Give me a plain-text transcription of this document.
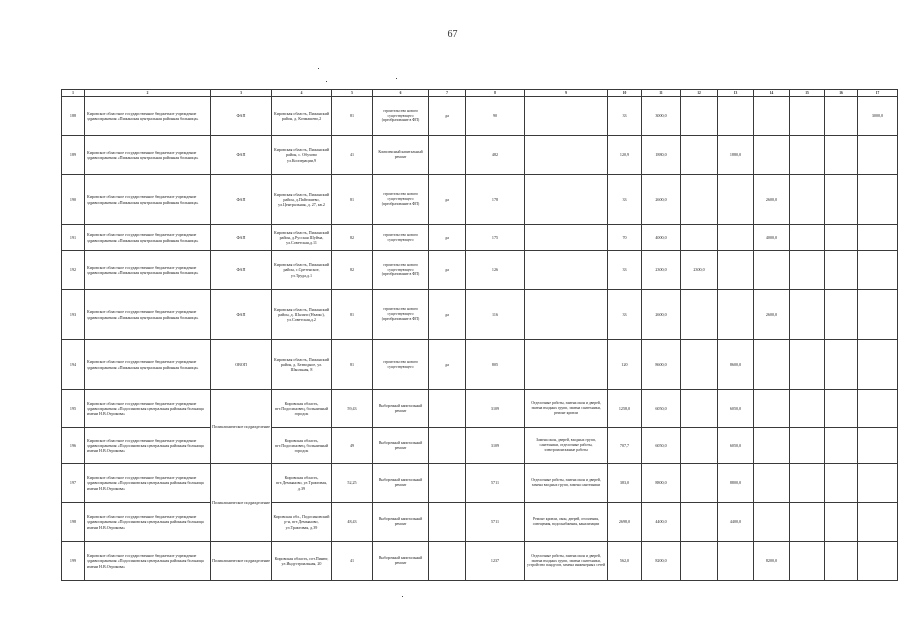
67
1	2	3	4	5	6	7	8	9	10	11	12	13	14	15	16	17
188	Кировское областное государственное бюджетное учреждение здравоохранения «Пижанская центральная районная больница»	ФАП	Кировская область, Пижанский район, д. Кочмашево,2	81	строительство нового существующего (преобразование в ФП)	да	90		33	3000,0						3000,0
189	Кировское областное государственное бюджетное учреждение здравоохранения «Пижанская центральная районная больница»	ФАП	Кировская область, Пижанский район, с. Обухово ул.Кооперации,9	41	Комплексный капитальный ремонт		482		120,9	1880,0		1880,0				
190	Кировское областное государственное бюджетное учреждение здравоохранения «Пижанская центральная районная больница»	ФАП	Кировская область, Пижанский район, д.Пайгишево, ул.Центральная, д. 27, кв.2	81	строительство нового существующего (преобразование в ФП)	да	178		33	2600,0			2600,0			
191	Кировское областное государственное бюджетное учреждение здравоохранения «Пижанская центральная районная больница»	ФАП	Кировская область, Пижанский район, д.Русская Шуйма, ул.Советская,д.11	82	строительство нового существующего	да	175		70	4000,0			4000,0			
192	Кировское областное государственное бюджетное учреждение здравоохранения «Пижанская центральная районная больница»	ФАП	Кировская область, Пижанский район, с.Сретенское, ул.Труда,д.1	82	строительство нового существующего (преобразование в ФП)	да	126		33	2300,0	2300,0					
193	Кировское областное государственное бюджетное учреждение здравоохранения «Пижанская центральная районная больница»	ФАП	Кировская область, Пижанский район, д. Шалаги (Ньюкс), ул.Советская,д.2	81	строительство нового существующего (преобразование в ФП)	да	116		33	2600,0			2600,0			
194	Кировское областное государственное бюджетное учреждение здравоохранения «Пижанская центральная районная больница»	ОВОП	Кировская область, Пижанский район, д. Безводное, ул. Школьная, 8	81	строительство нового существующего	да	805		120	8600,0		8600,0				
195	Кировское областное государственное бюджетное учреждение здравоохранения «Подосиновская центральная районная больница имени Н.В.Отрокова»	Поликлиническое подразделение	Кировская область, пгт.Подосиновец, больничный городок	59,43	Выборочный капитальный ремонт		3109	Отделочные работы, замена окон и дверей, замена входных групп, замена сантехники, ремонт кровли	1258,0	6050,0		6050,0				
196	Кировское областное государственное бюджетное учреждение здравоохранения «Подосиновская центральная районная больница имени Н.В.Отрокова»		Кировская область, пгт.Подосиновец, больничный городок	49	Выборочный капитальный ремонт		3109	Замена окон, дверей, входных групп, сантехники, отделочные работы, электромонтажные работы	707,7	6050,0		6050,0				
197	Кировское областное государственное бюджетное учреждение здравоохранения «Подосиновская центральная районная больница имени Н.В.Отрокова»	Поликлиническое подразделение	Кировская область, пгт.Демьяново, ул.Трактовая, д.39	52,25	Выборочный капитальный ремонт		5711	Отделочные работы, замена окон и дверей, замена входных групп, замена сантехники	383,0	8800,0		8800,0				
198	Кировское областное государственное бюджетное учреждение здравоохранения «Подосиновская центральная районная больница имени Н.В.Отрокова»		Кировская обл., Подосиновский р-н, пгт.Демьяново, ул.Трактовая, д.39	48,43	Выборочный капитальный ремонт		5711	Ремонт кровли, окон, дверей, отопления, освещения, водоснабжения, канализации	2698,0	4400,0		4400,0				
199	Кировское областное государственное бюджетное учреждение здравоохранения «Подосиновская центральная районная больница имени Н.В.Отрокова»	Поликлиническое подразделение	Кировская область, пгт.Пинюг, ул.Индустриальная, 20	41	Выборочный капитальный ремонт		1237	Отделочные работы, замена окон и дверей, замена входных групп, замена сантехники, устройство пандусов, замена инженерных сетей	562,0	8200,0			8200,0			
